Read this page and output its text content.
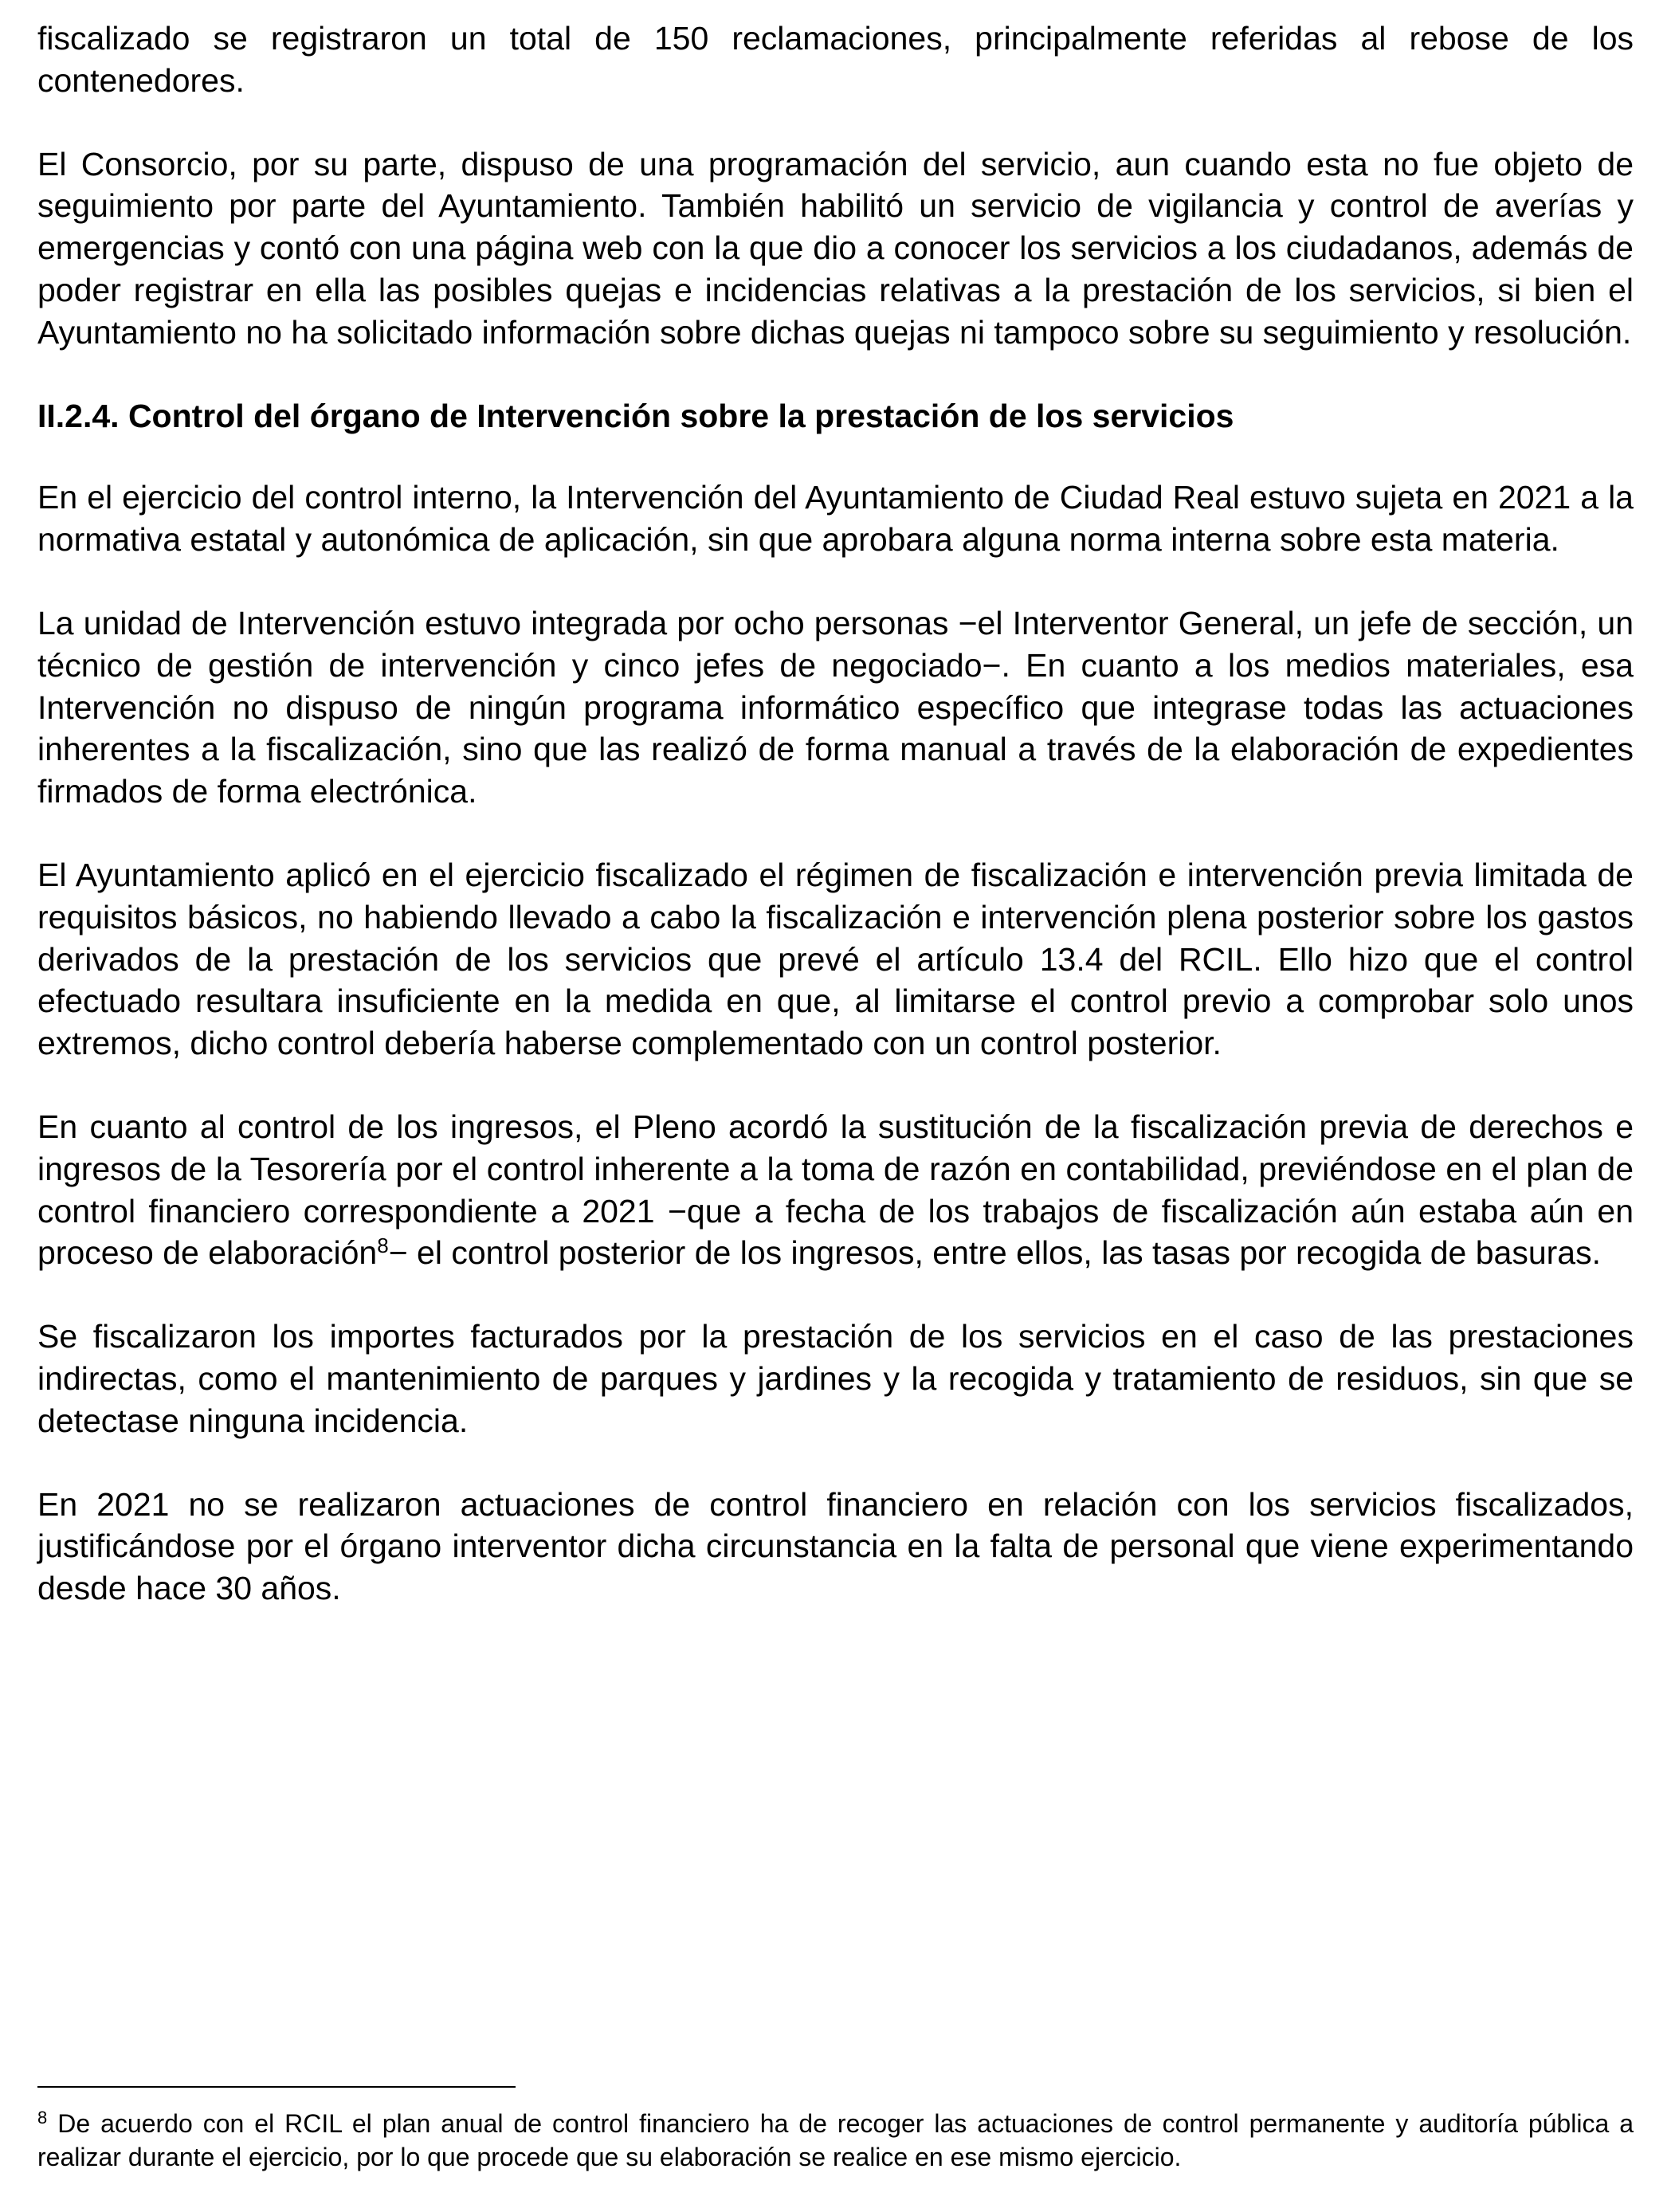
fiscalizado se registraron un total de 150 reclamaciones, principalmente referidas al rebose de los contenedores.

El Consorcio, por su parte, dispuso de una programación del servicio, aun cuando esta no fue objeto de seguimiento por parte del Ayuntamiento. También habilitó un servicio de vigilancia y control de averías y emergencias y contó con una página web con la que dio a conocer los servicios a los ciudadanos, además de poder registrar en ella las posibles quejas e incidencias relativas a la prestación de los servicios, si bien el Ayuntamiento no ha solicitado información sobre dichas quejas ni tampoco sobre su seguimiento y resolución.

II.2.4. Control del órgano de Intervención sobre la prestación de los servicios

En el ejercicio del control interno, la Intervención del Ayuntamiento de Ciudad Real estuvo sujeta en 2021 a la normativa estatal y autonómica de aplicación, sin que aprobara alguna norma interna sobre esta materia.

La unidad de Intervención estuvo integrada por ocho personas −el Interventor General, un jefe de sección, un técnico de gestión de intervención y cinco jefes de negociado−. En cuanto a los medios materiales, esa Intervención no dispuso de ningún programa informático específico que integrase todas las actuaciones inherentes a la fiscalización, sino que las realizó de forma manual a través de la elaboración de expedientes firmados de forma electrónica.

El Ayuntamiento aplicó en el ejercicio fiscalizado el régimen de fiscalización e intervención previa limitada de requisitos básicos, no habiendo llevado a cabo la fiscalización e intervención plena posterior sobre los gastos derivados de la prestación de los servicios que prevé el artículo 13.4 del RCIL. Ello hizo que el control efectuado resultara insuficiente en la medida en que, al limitarse el control previo a comprobar solo unos extremos, dicho control debería haberse complementado con un control posterior.

En cuanto al control de los ingresos, el Pleno acordó la sustitución de la fiscalización previa de derechos e ingresos de la Tesorería por el control inherente a la toma de razón en contabilidad, previéndose en el plan de control financiero correspondiente a 2021 −que a fecha de los trabajos de fiscalización aún estaba aún en proceso de elaboración$^8$− el control posterior de los ingresos, entre ellos, las tasas por recogida de basuras.

Se fiscalizaron los importes facturados por la prestación de los servicios en el caso de las prestaciones indirectas, como el mantenimiento de parques y jardines y la recogida y tratamiento de residuos, sin que se detectase ninguna incidencia.

En 2021 no se realizaron actuaciones de control financiero en relación con los servicios fiscalizados, justificándose por el órgano interventor dicha circunstancia en la falta de personal que viene experimentando desde hace 30 años.

$^8$ De acuerdo con el RCIL el plan anual de control financiero ha de recoger las actuaciones de control permanente y auditoría pública a realizar durante el ejercicio, por lo que procede que su elaboración se realice en ese mismo ejercicio.
